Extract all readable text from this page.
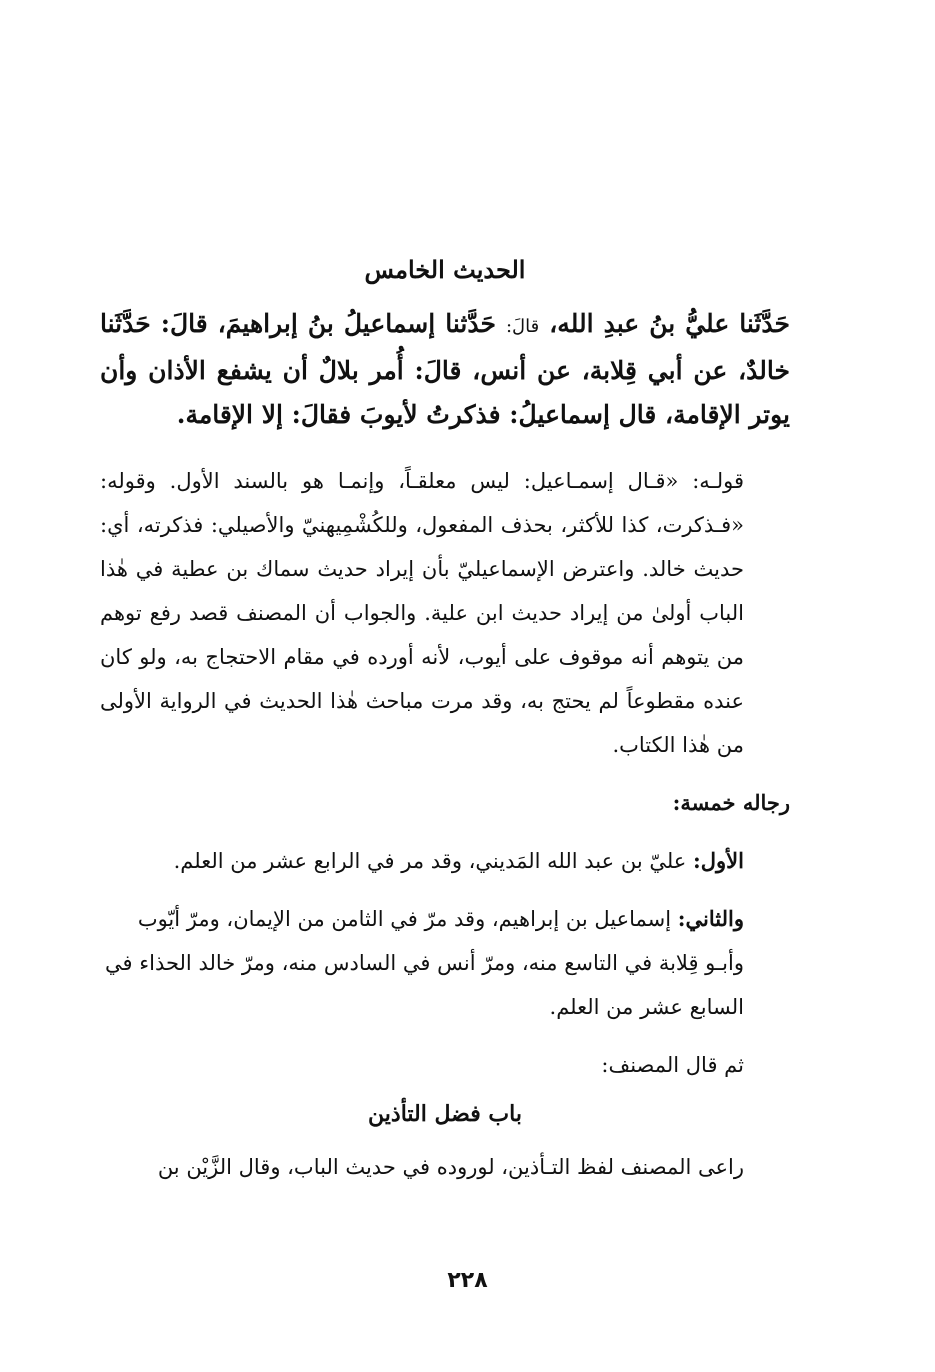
الحديث الخامس

حَدَّثَنا عليُّ بنُ عبدِ الله، قالَ: حَدَّثنا إسماعيلُ بنُ إبراهيمَ، قالَ: حَدَّثَنا خالدٌ، عن أبي قِلابة، عن أنس، قالَ: أُمر بلالٌ أن يشفع الأذان وأن يوتر الإقامة، قال إسماعيلُ: فذكرتُ لأيوبَ فقالَ: إلا الإقامة.

قولـه: «قـال إسمـاعيل: ليس معلقـاً، وإنمـا هو بالسند الأول. وقوله: «فـذكرت، كذا للأكثر، بحذف المفعول، وللكُشْمِيهنيّ والأصيلي: فذكرته، أي: حديث خالد. واعترض الإسماعيليّ بأن إيراد حديث سماك بن عطية في هٰذا الباب أولىٰ من إيراد حديث ابن علية. والجواب أن المصنف قصد رفع توهم من يتوهم أنه موقوف على أيوب، لأنه أورده في مقام الاحتجاج به، ولو كان عنده مقطوعاً لم يحتج به، وقد مرت مباحث هٰذا الحديث في الرواية الأولى من هٰذا الكتاب.

رجاله خمسة:

الأول: عليّ بن عبد الله المَديني، وقد مر في الرابع عشر من العلم.

والثاني: إسماعيل بن إبراهيم، وقد مرّ في الثامن من الإيمان، ومرّ أيّوب وأبـو قِلابة في التاسع منه، ومرّ أنس في السادس منه، ومرّ خالد الحذاء في السابع عشر من العلم.

ثم قال المصنف:

باب فضل التأذين

راعى المصنف لفظ التـأذين، لوروده في حديث الباب، وقال الزَّيْن بن

٢٢٨
